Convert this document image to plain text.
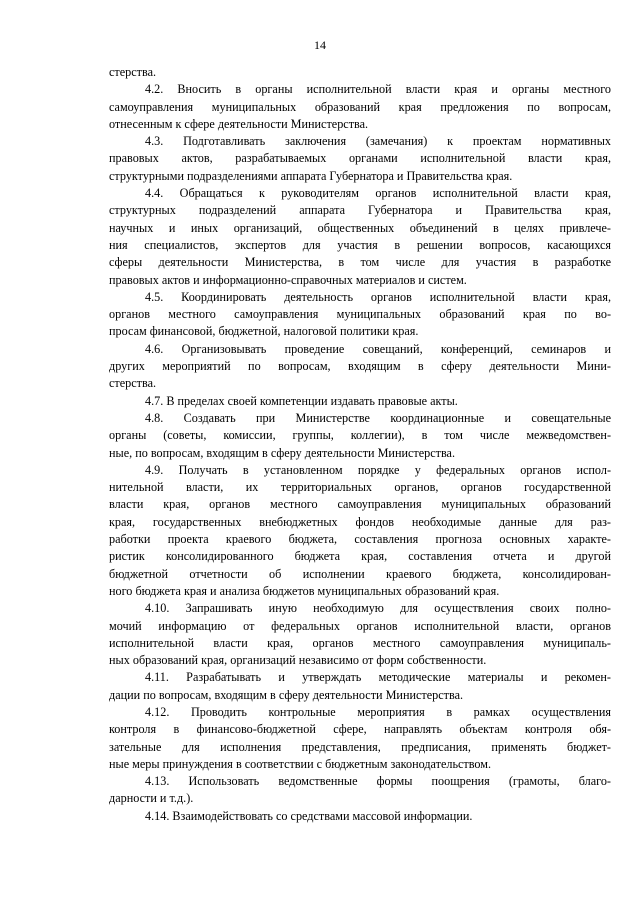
14
стерства.
4.2. Вносить в органы исполнительной власти края и органы местного
самоуправления муниципальных образований края предложения по вопросам,
отнесенным к сфере деятельности Министерства.
4.3. Подготавливать заключения (замечания) к проектам нормативных
правовых актов, разрабатываемых органами исполнительной власти края,
структурными подразделениями аппарата Губернатора и Правительства края.
4.4. Обращаться к руководителям органов исполнительной власти края,
структурных подразделений аппарата Губернатора и Правительства края,
научных и иных организаций, общественных объединений в целях привлече-
ния специалистов, экспертов для участия в решении вопросов, касающихся
сферы деятельности Министерства, в том числе для участия в разработке
правовых актов и информационно-справочных материалов и систем.
4.5. Координировать деятельность органов исполнительной власти края,
органов местного самоуправления муниципальных образований края по во-
просам финансовой, бюджетной, налоговой политики края.
4.6. Организовывать проведение совещаний, конференций, семинаров и
других мероприятий по вопросам, входящим в сферу деятельности Мини-
стерства.
4.7. В пределах своей компетенции издавать правовые акты.
4.8. Создавать при Министерстве координационные и совещательные
органы (советы, комиссии, группы, коллегии), в том числе межведомствен-
ные, по вопросам, входящим в сферу деятельности Министерства.
4.9. Получать в установленном порядке у федеральных органов испол-
нительной власти, их территориальных органов, органов государственной
власти края, органов местного самоуправления муниципальных образований
края, государственных внебюджетных фондов необходимые данные для раз-
работки проекта краевого бюджета, составления прогноза основных характе-
ристик консолидированного бюджета края, составления отчета и другой
бюджетной отчетности об исполнении краевого бюджета, консолидирован-
ного бюджета края и анализа бюджетов муниципальных образований края.
4.10. Запрашивать иную необходимую для осуществления своих полно-
мочий информацию от федеральных органов исполнительной власти, органов
исполнительной власти края, органов местного самоуправления муниципаль-
ных образований края, организаций независимо от форм собственности.
4.11. Разрабатывать и утверждать методические материалы и рекомен-
дации по вопросам, входящим в сферу деятельности Министерства.
4.12. Проводить контрольные мероприятия в рамках осуществления
контроля в финансово-бюджетной сфере, направлять объектам контроля обя-
зательные для исполнения представления, предписания, применять бюджет-
ные меры принуждения в соответствии с бюджетным законодательством.
4.13. Использовать ведомственные формы поощрения (грамоты, благо-
дарности и т.д.).
4.14. Взаимодействовать со средствами массовой информации.
